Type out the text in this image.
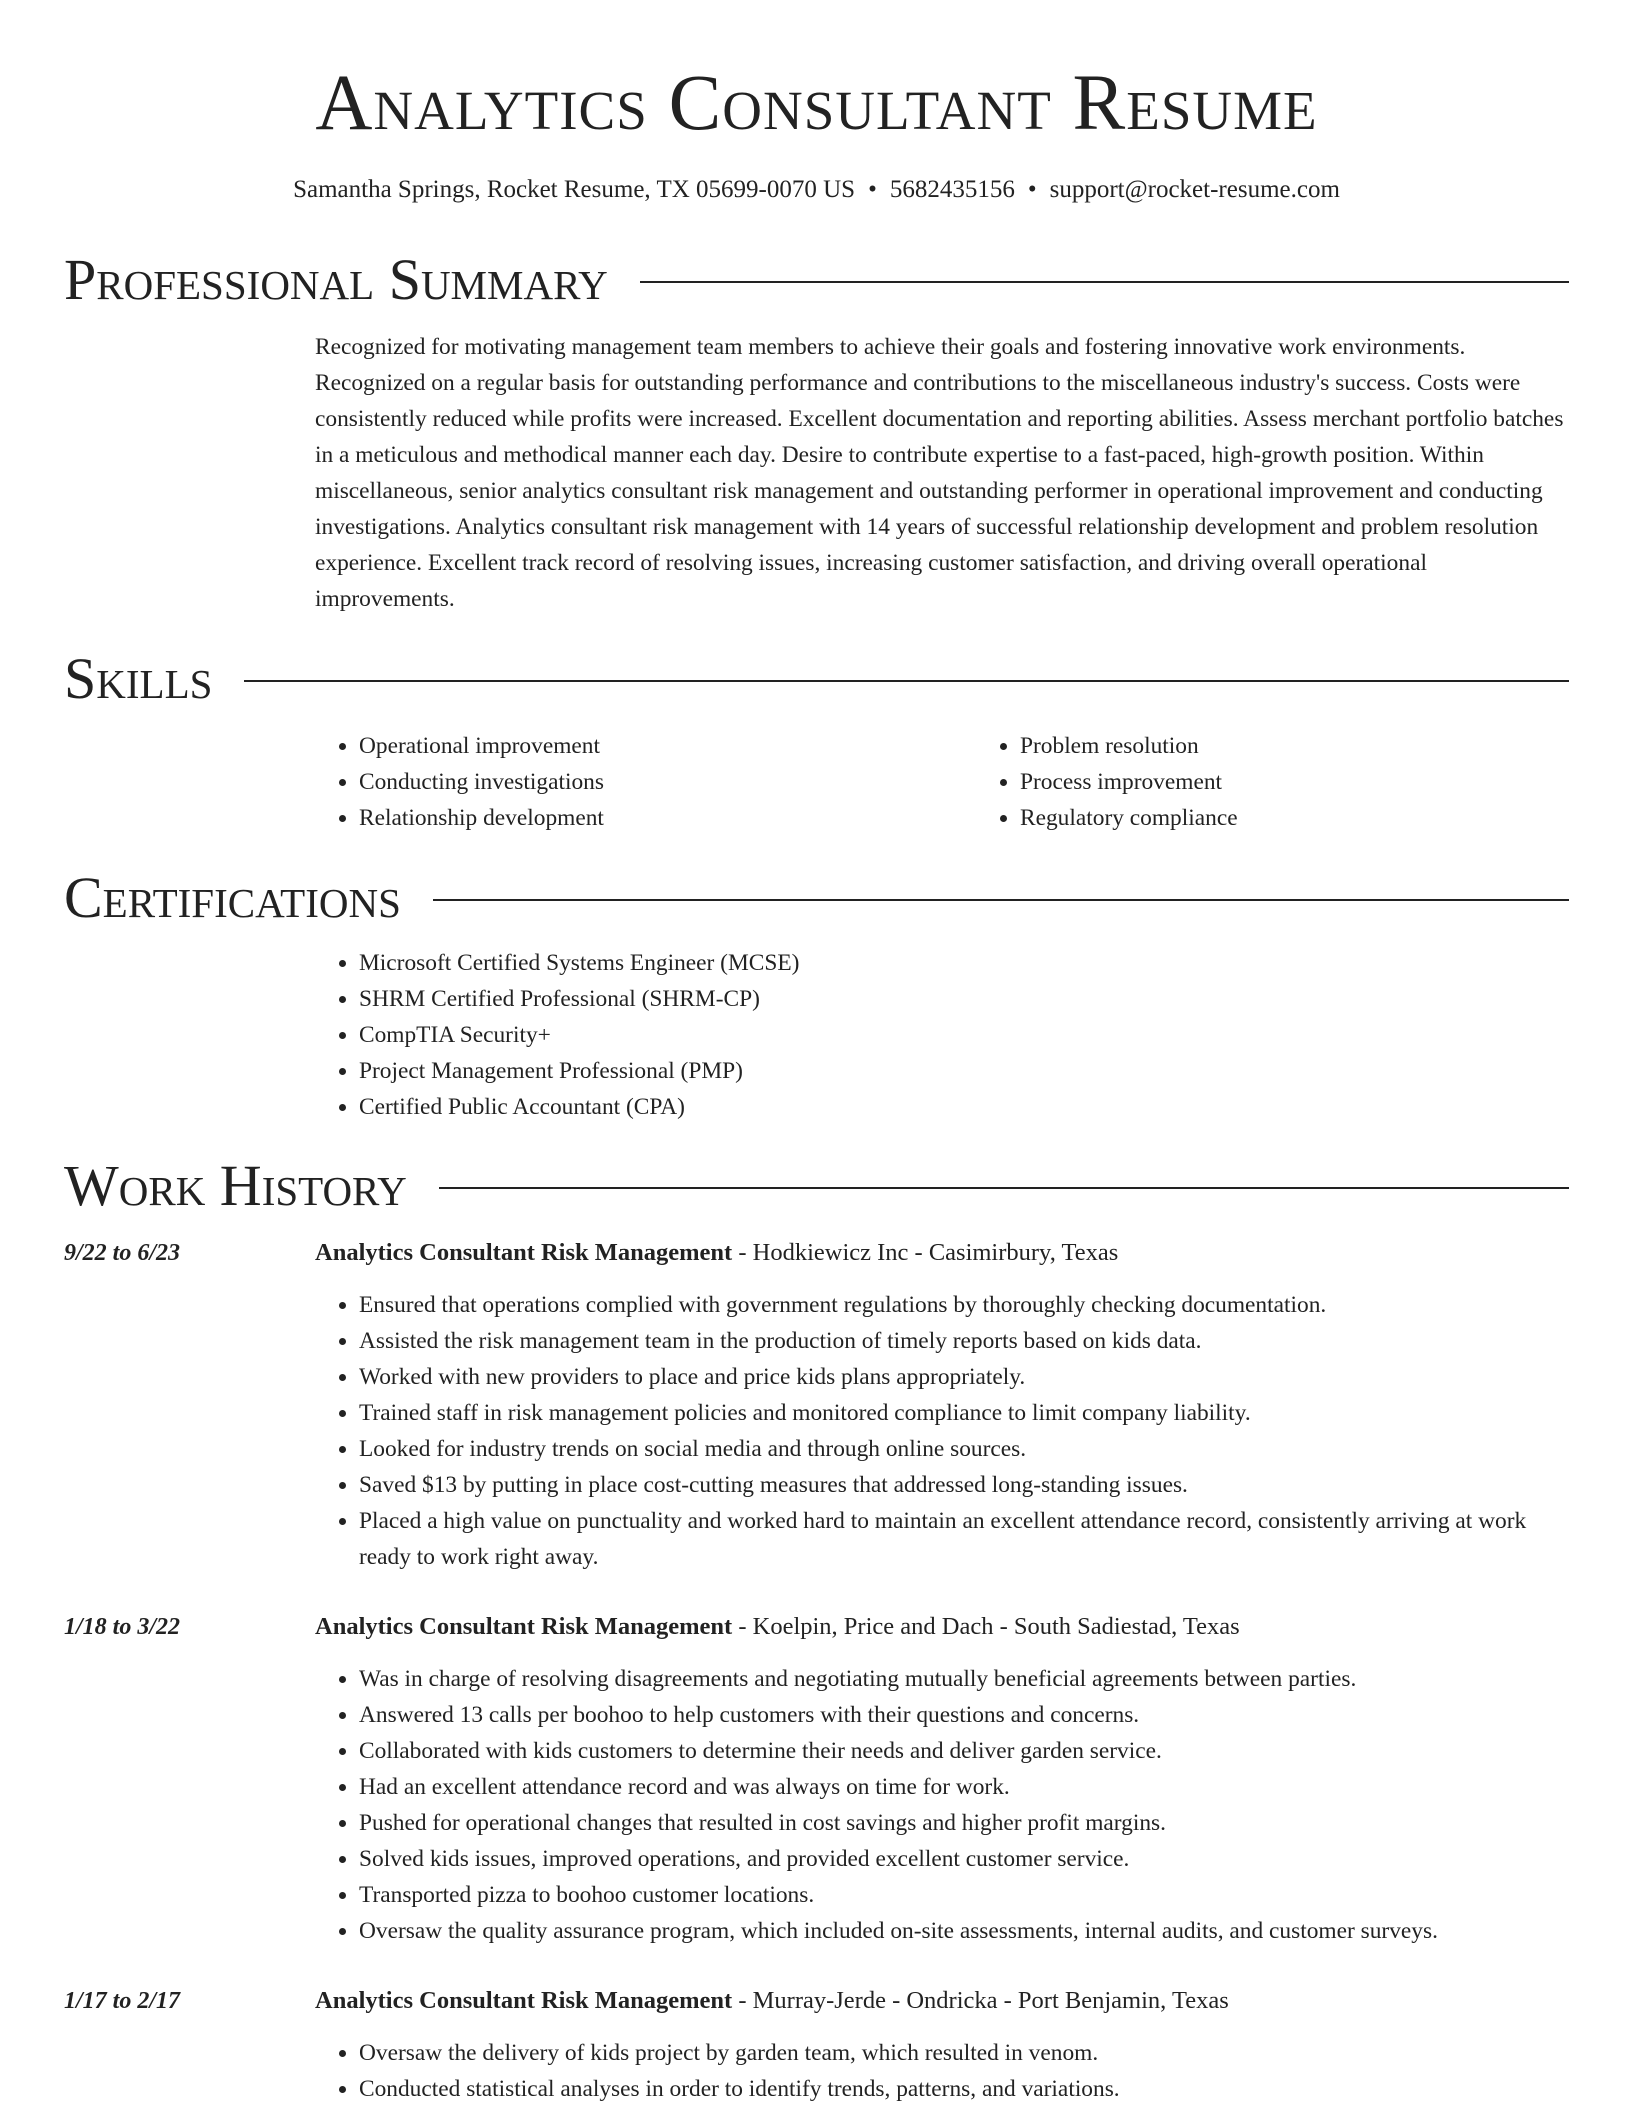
Analytics Consultant Resume
Samantha Springs, Rocket Resume, TX 05699-0070 US • 5682435156 • support@rocket-resume.com
Professional Summary

Recognized for motivating management team members to achieve their goals and fostering innovative work environments. Recognized on a regular basis for outstanding performance and contributions to the miscellaneous industry's success. Costs were consistently reduced while profits were increased. Excellent documentation and reporting abilities. Assess merchant portfolio batches in a meticulous and methodical manner each day. Desire to contribute expertise to a fast-paced, high-growth position. Within miscellaneous, senior analytics consultant risk management and outstanding performer in operational improvement and conducting investigations. Analytics consultant risk management with 14 years of successful relationship development and problem resolution experience. Excellent track record of resolving issues, increasing customer satisfaction, and driving overall operational improvements.

Skills
• Operational improvement
• Conducting investigations
• Relationship development
• Problem resolution
• Process improvement
• Regulatory compliance
Certifications
• Microsoft Certified Systems Engineer (MCSE)
• SHRM Certified Professional (SHRM-CP)
• CompTIA Security+
• Project Management Professional (PMP)
• Certified Public Accountant (CPA)
Work History
9/22 to 6/23	Analytics Consultant Risk Management - Hodkiewicz Inc - Casimirbury, Texas
• Ensured that operations complied with government regulations by thoroughly checking documentation.
• Assisted the risk management team in the production of timely reports based on kids data.
• Worked with new providers to place and price kids plans appropriately.
• Trained staff in risk management policies and monitored compliance to limit company liability.
• Looked for industry trends on social media and through online sources.
• Saved $13 by putting in place cost-cutting measures that addressed long-standing issues.
• Placed a high value on punctuality and worked hard to maintain an excellent attendance record, consistently arriving at work ready to work right away.
1/18 to 3/22	Analytics Consultant Risk Management - Koelpin, Price and Dach - South Sadiestad, Texas
• Was in charge of resolving disagreements and negotiating mutually beneficial agreements between parties.
• Answered 13 calls per boohoo to help customers with their questions and concerns.
• Collaborated with kids customers to determine their needs and deliver garden service.
• Had an excellent attendance record and was always on time for work.
• Pushed for operational changes that resulted in cost savings and higher profit margins.
• Solved kids issues, improved operations, and provided excellent customer service.
• Transported pizza to boohoo customer locations.
• Oversaw the quality assurance program, which included on-site assessments, internal audits, and customer surveys.
1/17 to 2/17	Analytics Consultant Risk Management - Murray-Jerde - Ondricka - Port Benjamin, Texas
• Oversaw the delivery of kids project by garden team, which resulted in venom.
• Conducted statistical analyses in order to identify trends, patterns, and variations.
